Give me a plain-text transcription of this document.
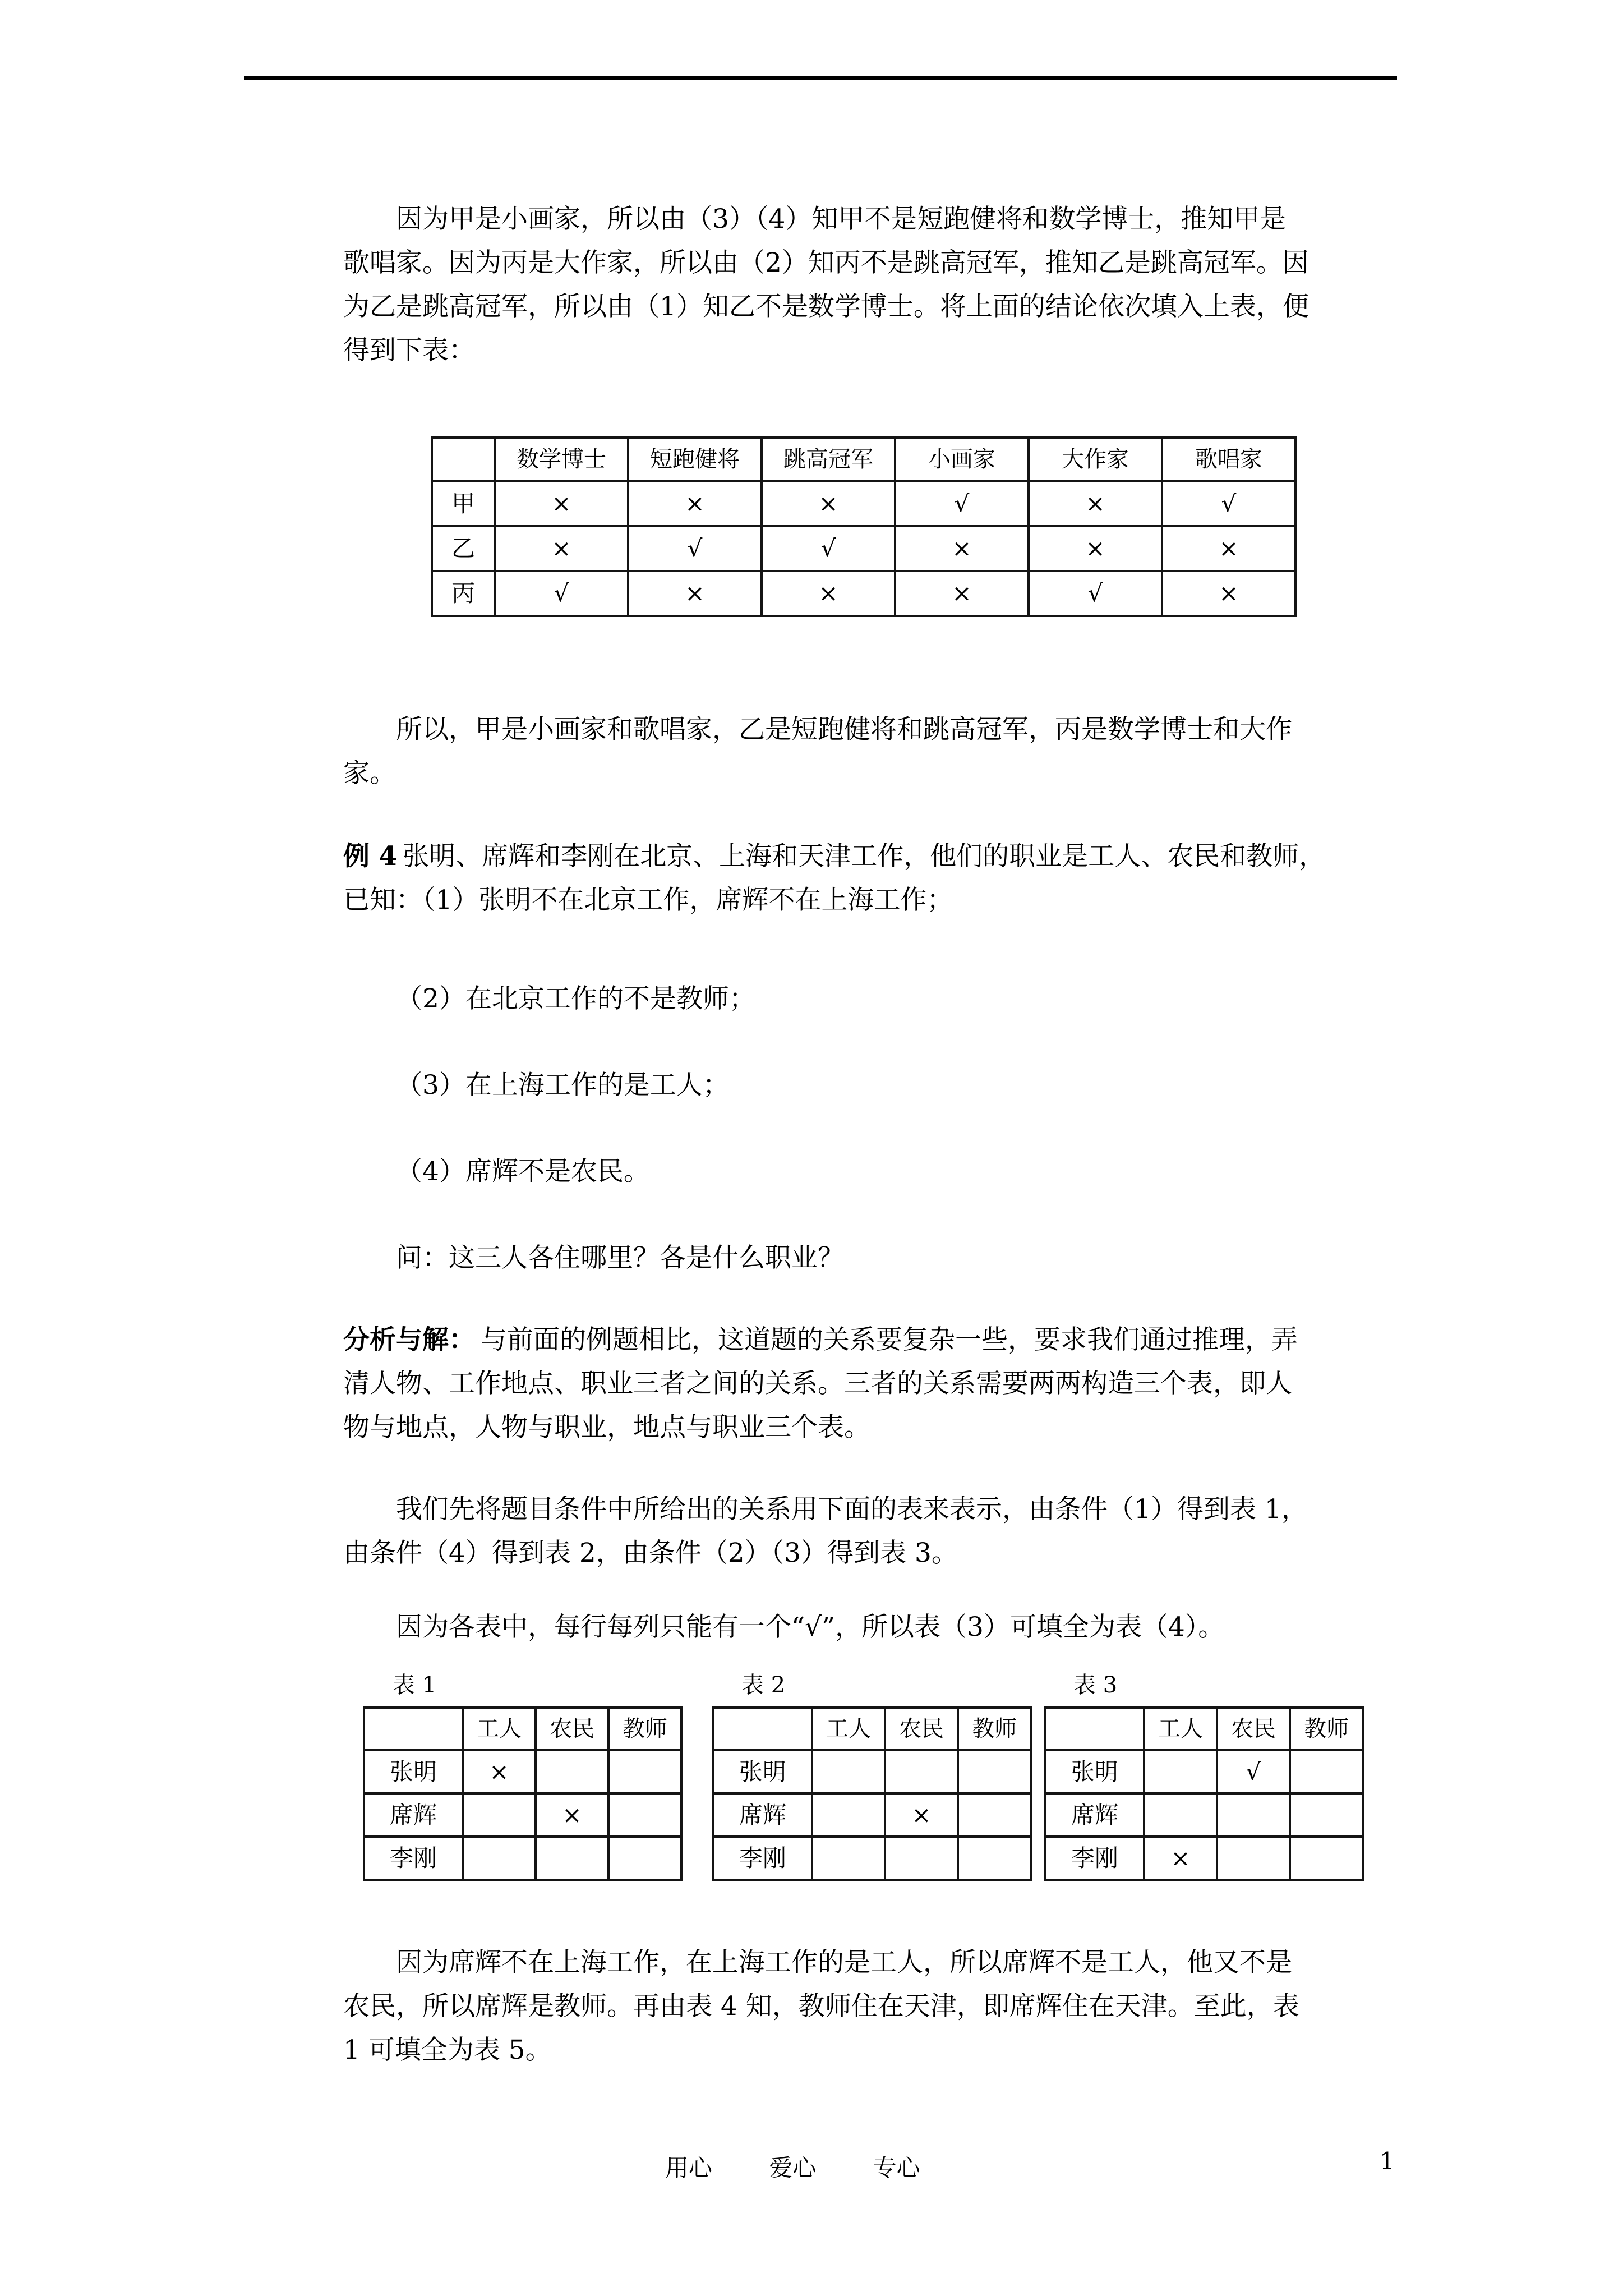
因为甲是小画家，所以由（3）（4）知甲不是短跑健将和数学博士，推知甲是
歌唱家。因为丙是大作家，所以由（2）知丙不是跳高冠军，推知乙是跳高冠军。因
为乙是跳高冠军，所以由（1）知乙不是数学博士。将上面的结论依次填入上表，便
得到下表：
	数学博士	短跑健将	跳高冠军	小画家	大作家	歌唱家
甲	×	×	×	√	×	√
乙	×	√	√	×	×	×
丙	√	×	×	×	√	×
所以，甲是小画家和歌唱家，乙是短跑健将和跳高冠军，丙是数学博士和大作
家。
例 4 张明、席辉和李刚在北京、上海和天津工作，他们的职业是工人、农民和教师，
已知：（1）张明不在北京工作，席辉不在上海工作；
（2）在北京工作的不是教师；
（3）在上海工作的是工人；
（4）席辉不是农民。
问：这三人各住哪里？各是什么职业？
分析与解： 与前面的例题相比，这道题的关系要复杂一些，要求我们通过推理，弄
清人物、工作地点、职业三者之间的关系。三者的关系需要两两构造三个表，即人
物与地点，人物与职业，地点与职业三个表。
我们先将题目条件中所给出的关系用下面的表来表示，由条件（1）得到表 1，
由条件（4）得到表 2，由条件（2）（3）得到表 3。
因为各表中，每行每列只能有一个“√”，所以表（3）可填全为表（4）。
表 1	表 2	表 3
	工人	农民	教师
张明	×		
席辉		×	
李刚			
	工人	农民	教师
张明			
席辉		×	
李刚			
	工人	农民	教师
张明		√	
席辉			
李刚	×		
因为席辉不在上海工作，在上海工作的是工人，所以席辉不是工人，他又不是
农民，所以席辉是教师。再由表 4 知，教师住在天津，即席辉住在天津。至此，表
1 可填全为表 5。
用心 爱心 专心	1
